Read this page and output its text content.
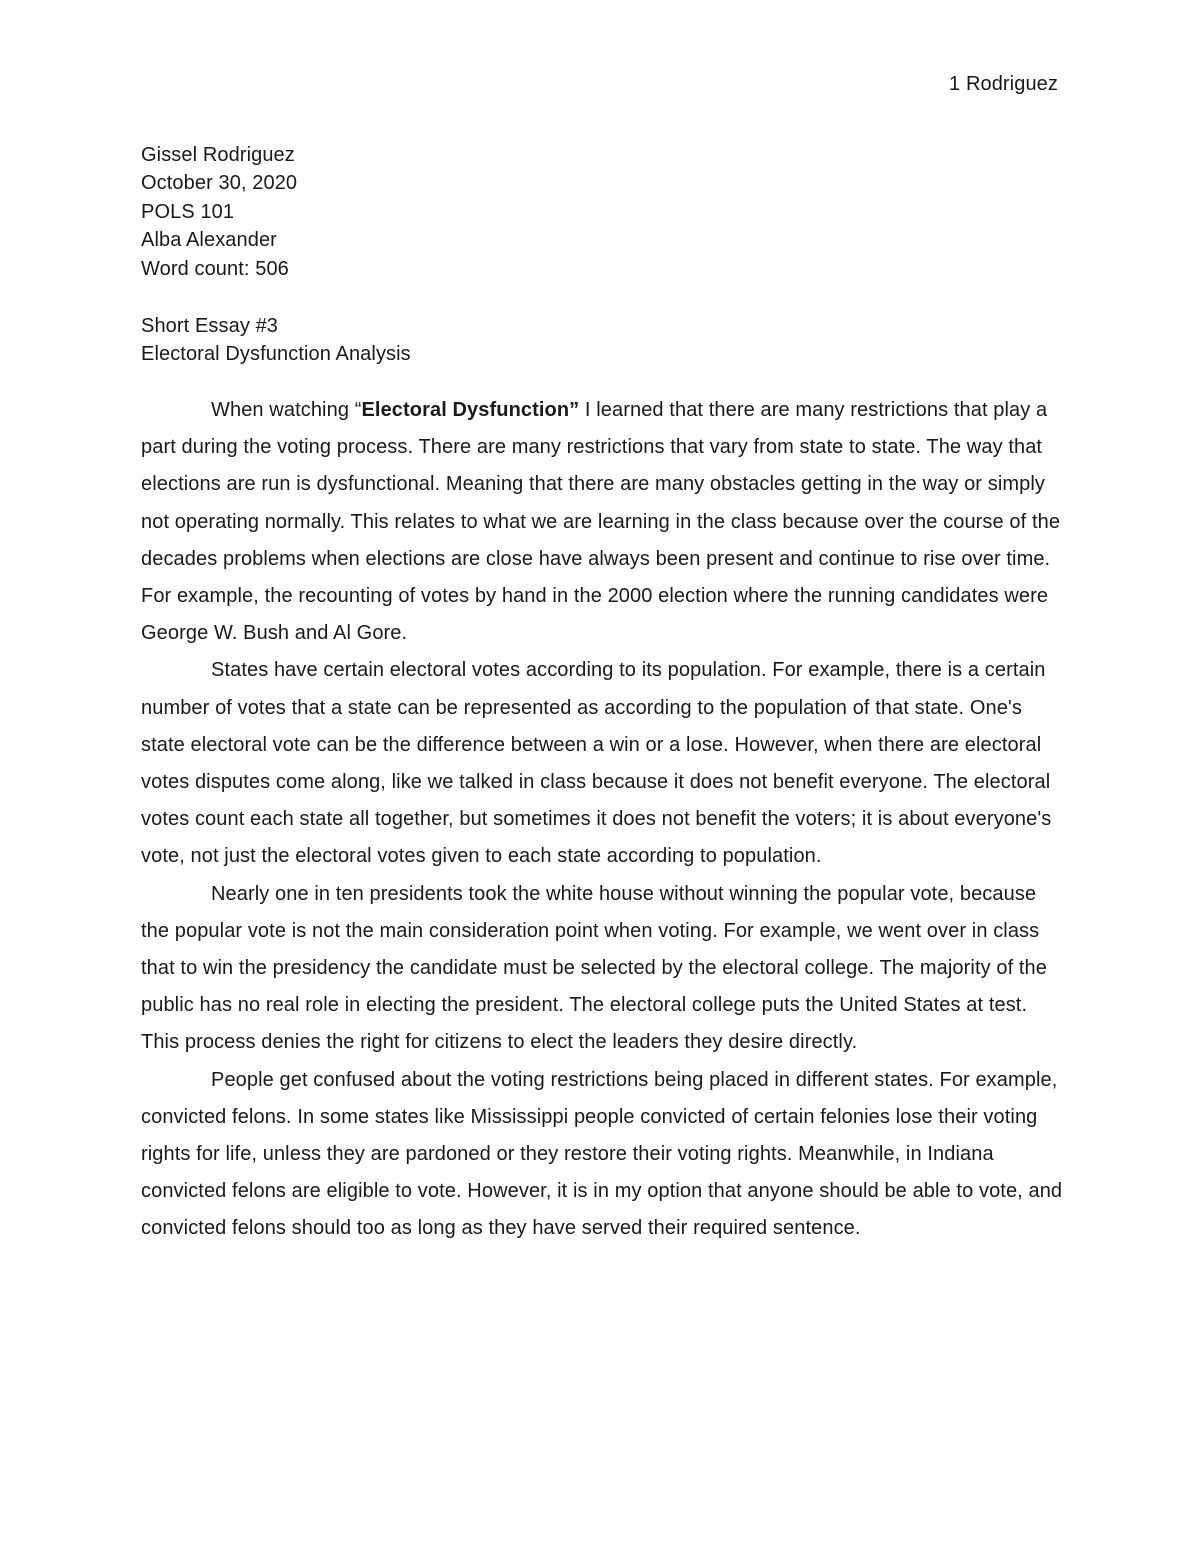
1 Rodriguez
Gissel Rodriguez
October 30, 2020
POLS 101
Alba Alexander
Word count: 506
Short Essay #3
Electoral Dysfunction Analysis

When watching “Electoral Dysfunction” I learned that there are many restrictions that play a part during the voting process. There are many restrictions that vary from state to state. The way that elections are run is dysfunctional. Meaning that there are many obstacles getting in the way or simply not operating normally. This relates to what we are learning in the class because over the course of the decades problems when elections are close have always been present and continue to rise over time. For example, the recounting of votes by hand in the 2000 election where the running candidates were George W. Bush and Al Gore.

States have certain electoral votes according to its population. For example, there is a certain number of votes that a state can be represented as according to the population of that state. One's state electoral vote can be the difference between a win or a lose. However, when there are electoral votes disputes come along, like we talked in class because it does not benefit everyone. The electoral votes count each state all together, but sometimes it does not benefit the voters; it is about everyone's vote, not just the electoral votes given to each state according to population.

Nearly one in ten presidents took the white house without winning the popular vote, because the popular vote is not the main consideration point when voting. For example, we went over in class that to win the presidency the candidate must be selected by the electoral college. The majority of the public has no real role in electing the president. The electoral college puts the United States at test. This process denies the right for citizens to elect the leaders they desire directly.

People get confused about the voting restrictions being placed in different states. For example, convicted felons. In some states like Mississippi people convicted of certain felonies lose their voting rights for life, unless they are pardoned or they restore their voting rights. Meanwhile, in Indiana convicted felons are eligible to vote. However, it is in my option that anyone should be able to vote, and convicted felons should too as long as they have served their required sentence.
